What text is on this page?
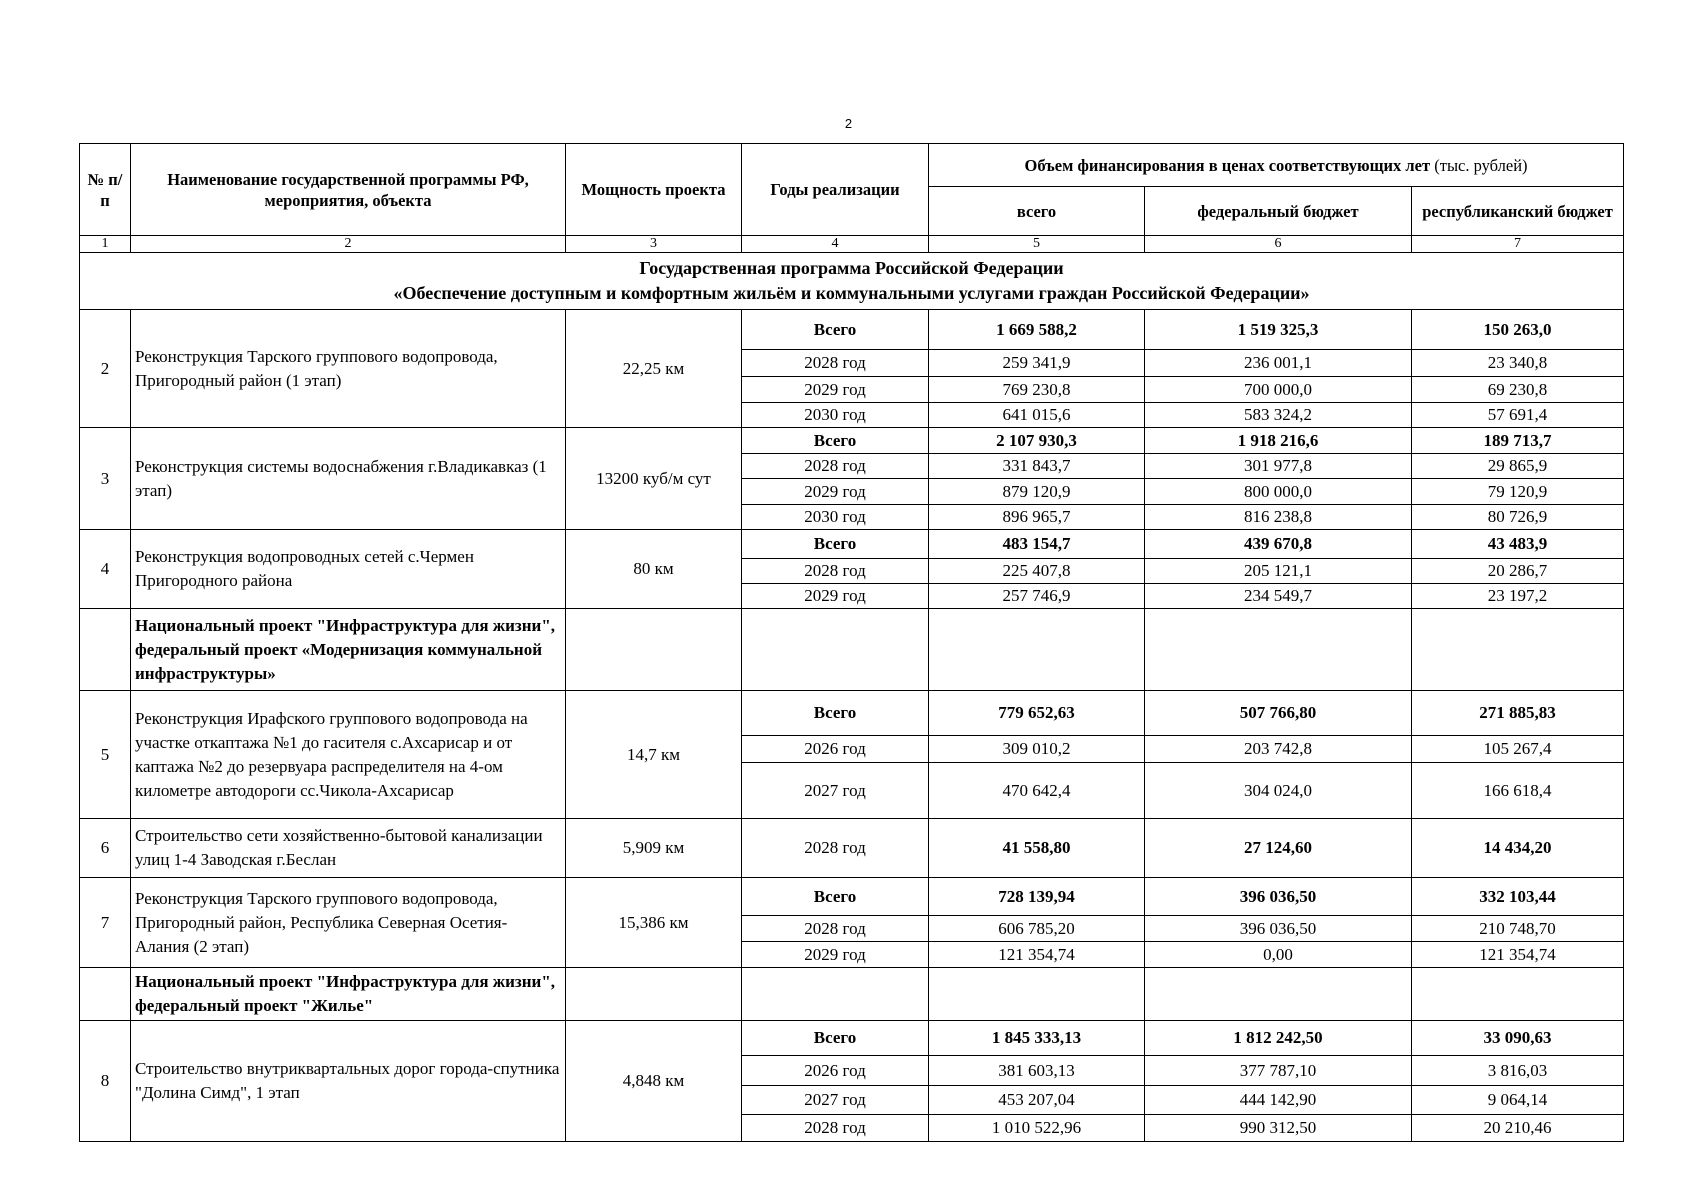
2
№ п/п	Наименование государственной программы РФ, мероприятия, объекта	Мощность проекта	Годы реализации	Объем финансирования в ценах соответствующих лет (тыс. рублей)		
				всего	федеральный бюджет	республиканский бюджет
1	2	3	4	5	6	7

Государственная программа Российской Федерации
«Обеспечение доступным и комфортным жильём и коммунальными услугами граждан Российской Федерации»						

2	Реконструкция Тарского группового водопровода, Пригородный район (1 этап)	22,25 км	Всего	1 669 588,2	1 519 325,3	150 263,0
			2028 год	259 341,9	236 001,1	23 340,8
			2029 год	769 230,8	700 000,0	69 230,8
			2030 год	641 015,6	583 324,2	57 691,4
3	Реконструкция системы водоснабжения г.Владикавказ (1 этап)	13200 куб/м сут	Всего	2 107 930,3	1 918 216,6	189 713,7
			2028 год	331 843,7	301 977,8	29 865,9
			2029 год	879 120,9	800 000,0	79 120,9
			2030 год	896 965,7	816 238,8	80 726,9
4	Реконструкция водопроводных сетей с.Чермен Пригородного района	80 км	Всего	483 154,7	439 670,8	43 483,9
			2028 год	225 407,8	205 121,1	20 286,7
			2029 год	257 746,9	234 549,7	23 197,2
	Национальный проект "Инфраструктура для жизни", федеральный проект «Модернизация коммунальной инфраструктуры»					
5	Реконструкция Ирафского группового водопровода на участке откаптажа №1 до гасителя с.Ахсарисар и от каптажа №2 до резервуара распределителя на 4-ом километре автодороги сс.Чикола-Ахсарисар	14,7 км	Всего	779 652,63	507 766,80	271 885,83
			2026 год	309 010,2	203 742,8	105 267,4
			2027 год	470 642,4	304 024,0	166 618,4
6	Строительство сети хозяйственно-бытовой канализации улиц 1-4 Заводская г.Беслан	5,909 км	2028 год	41 558,80	27 124,60	14 434,20
7	Реконструкция Тарского группового водопровода, Пригородный район, Республика Северная Осетия-Алания (2 этап)	15,386 км	Всего	728 139,94	396 036,50	332 103,44
			2028 год	606 785,20	396 036,50	210 748,70
			2029 год	121 354,74	0,00	121 354,74
	Национальный проект "Инфраструктура для жизни", федеральный проект "Жилье"					
8	Строительство внутриквартальных дорог города-спутника "Долина Симд", 1 этап	4,848 км	Всего	1 845 333,13	1 812 242,50	33 090,63
			2026 год	381 603,13	377 787,10	3 816,03
			2027 год	453 207,04	444 142,90	9 064,14
			2028 год	1 010 522,96	990 312,50	20 210,46
